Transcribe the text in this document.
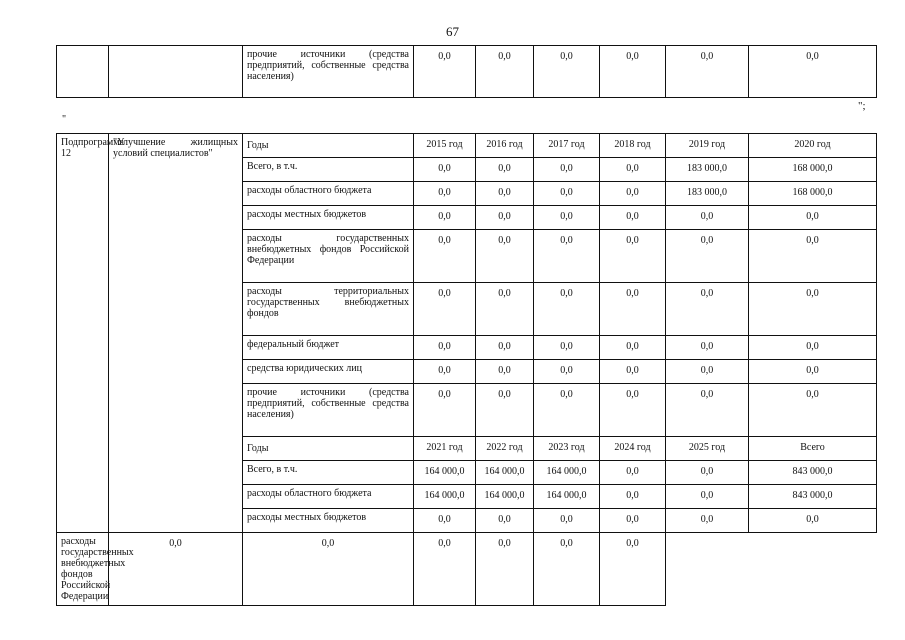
67
		прочие источники (средства предприятий, собственные средства населения)	0,0	0,0	0,0	0,0	0,0	0,0
";
"
Подпрограмма 12	"Улучшение жилищных условий специалистов"	Годы	2015 год	2016 год	2017 год	2018 год	2019 год	2020 год
		Всего, в т.ч.	0,0	0,0	0,0	0,0	183 000,0	168 000,0
		расходы областного бюджета	0,0	0,0	0,0	0,0	183 000,0	168 000,0
		расходы местных бюджетов	0,0	0,0	0,0	0,0	0,0	0,0
		расходы государственных внебюджетных фондов Российской Федерации	0,0	0,0	0,0	0,0	0,0	0,0
		расходы территориальных государственных внебюджетных фондов	0,0	0,0	0,0	0,0	0,0	0,0
		федеральный бюджет	0,0	0,0	0,0	0,0	0,0	0,0
		средства юридических лиц	0,0	0,0	0,0	0,0	0,0	0,0
		прочие источники (средства предприятий, собственные средства населения)	0,0	0,0	0,0	0,0	0,0	0,0
		Годы	2021 год	2022 год	2023 год	2024 год	2025 год	Всего
		Всего, в т.ч.	164 000,0	164 000,0	164 000,0	0,0	0,0	843 000,0
		расходы областного бюджета	164 000,0	164 000,0	164 000,0	0,0	0,0	843 000,0
		расходы местных бюджетов	0,0	0,0	0,0	0,0	0,0	0,0
расходы государственных внебюджетных фондов Российской Федерации	0,0	0,0	0,0	0,0	0,0	0,0		
